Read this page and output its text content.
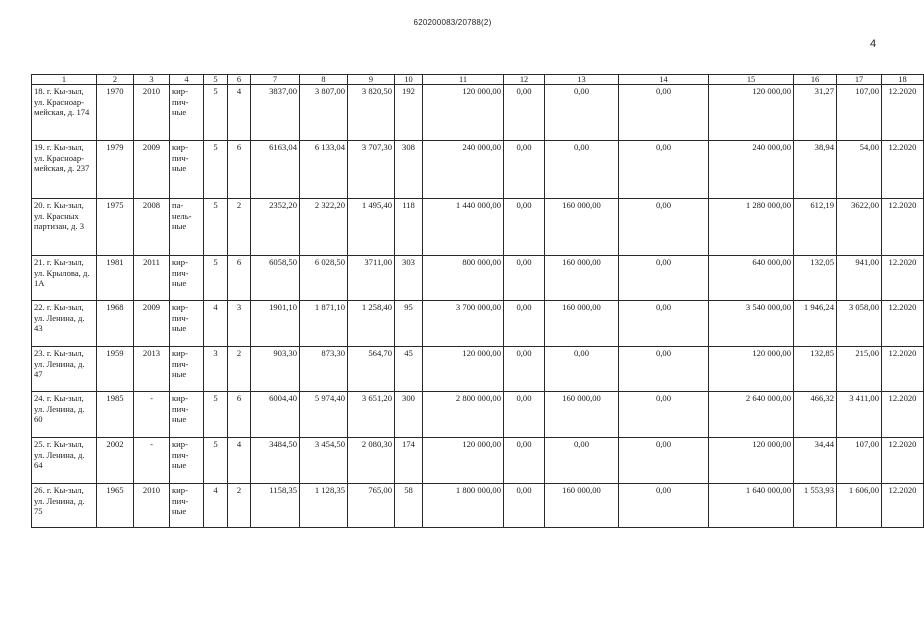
620200083/20788(2)
4
1	2	3	4	5	6	7	8	9	10	11	12	13	14	15	16	17	18
18. г. Кы-зыл, ул. Красноар-мейская, д. 174	1970	2010	кир-пич-ные	5	4	3837,00	3 807,00	3 820,50	192	120 000,00	0,00	0,00	0,00	120 000,00	31,27	107,00	12.2020
19. г. Кы-зыл, ул. Красноар-мейская, д. 237	1979	2009	кир-пич-ные	5	6	6163,04	6 133,04	3 707,30	308	240 000,00	0,00	0,00	0,00	240 000,00	38,94	54,00	12.2020
20. г. Кы-зыл, ул. Красных партизан, д. 3	1975	2008	па-нель-ные	5	2	2352,20	2 322,20	1 495,40	118	1 440 000,00	0,00	160 000,00	0,00	1 280 000,00	612,19	3622,00	12.2020
21. г. Кы-зыл, ул. Крылова, д. 1А	1981	2011	кир-пич-ные	5	6	6058,50	6 028,50	3711,00	303	800 000,00	0,00	160 000,00	0,00	640 000,00	132,05	941,00	12.2020
22. г. Кы-зыл, ул. Ленина, д. 43	1968	2009	кир-пич-ные	4	3	1901,10	1 871,10	1 258,40	95	3 700 000,00	0,00	160 000,00	0,00	3 540 000,00	1 946,24	3 058,00	12.2020
23. г. Кы-зыл, ул. Ленина, д. 47	1959	2013	кир-пич-ные	3	2	903,30	873,30	564,70	45	120 000,00	0,00	0,00	0,00	120 000,00	132,85	215,00	12.2020
24. г. Кы-зыл, ул. Ленина, д. 60	1985	-	кир-пич-ные	5	6	6004,40	5 974,40	3 651,20	300	2 800 000,00	0,00	160 000,00	0,00	2 640 000,00	466,32	3 411,00	12.2020
25. г. Кы-зыл, ул. Ленина, д. 64	2002	-	кир-пич-ные	5	4	3484,50	3 454,50	2 080,30	174	120 000,00	0,00	0,00	0,00	120 000,00	34,44	107,00	12.2020
26. г. Кы-зыл, ул. Ленина, д. 75	1965	2010	кир-пич-ные	4	2	1158,35	1 128,35	765,00	58	1 800 000,00	0,00	160 000,00	0,00	1 640 000,00	1 553,93	1 606,00	12.2020
